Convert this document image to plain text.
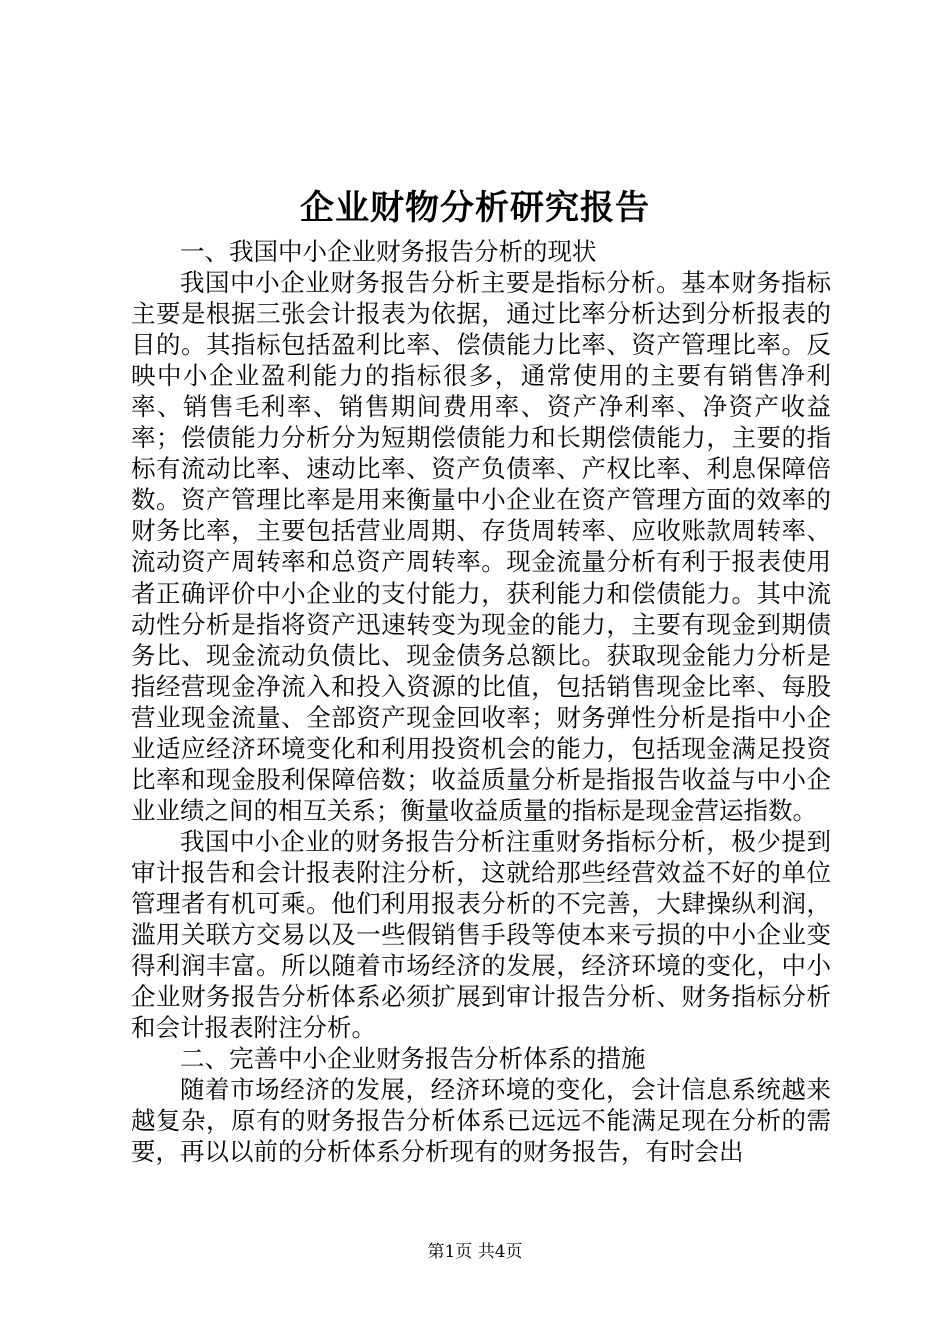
企业财物分析研究报告

一、我国中小企业财务报告分析的现状

我国中小企业财务报告分析主要是指标分析。基本财务指标主要是根据三张会计报表为依据，通过比率分析达到分析报表的目的。其指标包括盈利比率、偿债能力比率、资产管理比率。反映中小企业盈利能力的指标很多，通常使用的主要有销售净利率、销售毛利率、销售期间费用率、资产净利率、净资产收益率；偿债能力分析分为短期偿债能力和长期偿债能力，主要的指标有流动比率、速动比率、资产负债率、产权比率、利息保障倍数。资产管理比率是用来衡量中小企业在资产管理方面的效率的财务比率，主要包括营业周期、存货周转率、应收账款周转率、流动资产周转率和总资产周转率。现金流量分析有利于报表使用者正确评价中小企业的支付能力，获利能力和偿债能力。其中流动性分析是指将资产迅速转变为现金的能力，主要有现金到期债务比、现金流动负债比、现金债务总额比。获取现金能力分析是指经营现金净流入和投入资源的比值，包括销售现金比率、每股营业现金流量、全部资产现金回收率；财务弹性分析是指中小企业适应经济环境变化和利用投资机会的能力，包括现金满足投资比率和现金股利保障倍数；收益质量分析是指报告收益与中小企业业绩之间的相互关系；衡量收益质量的指标是现金营运指数。

我国中小企业的财务报告分析注重财务指标分析，极少提到审计报告和会计报表附注分析，这就给那些经营效益不好的单位管理者有机可乘。他们利用报表分析的不完善，大肆操纵利润，滥用关联方交易以及一些假销售手段等使本来亏损的中小企业变得利润丰富。所以随着市场经济的发展，经济环境的变化，中小企业财务报告分析体系必须扩展到审计报告分析、财务指标分析和会计报表附注分析。

二、完善中小企业财务报告分析体系的措施

随着市场经济的发展，经济环境的变化，会计信息系统越来越复杂，原有的财务报告分析体系已远远不能满足现在分析的需要，再以以前的分析体系分析现有的财务报告，有时会出

第1页 共4页
